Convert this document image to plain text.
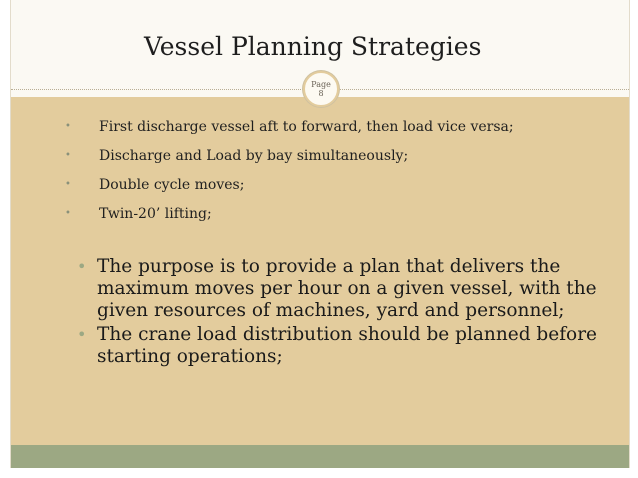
Vessel Planning Strategies
Page
8
• First discharge vessel aft to forward, then load vice versa;
• Discharge and Load by bay simultaneously;
• Double cycle moves;
• Twin-20’ lifting;
• The purpose is to provide a plan that delivers the maximum moves per hour on a given vessel, with the given resources of machines, yard and personnel;
• The crane load distribution should be planned before starting operations;
